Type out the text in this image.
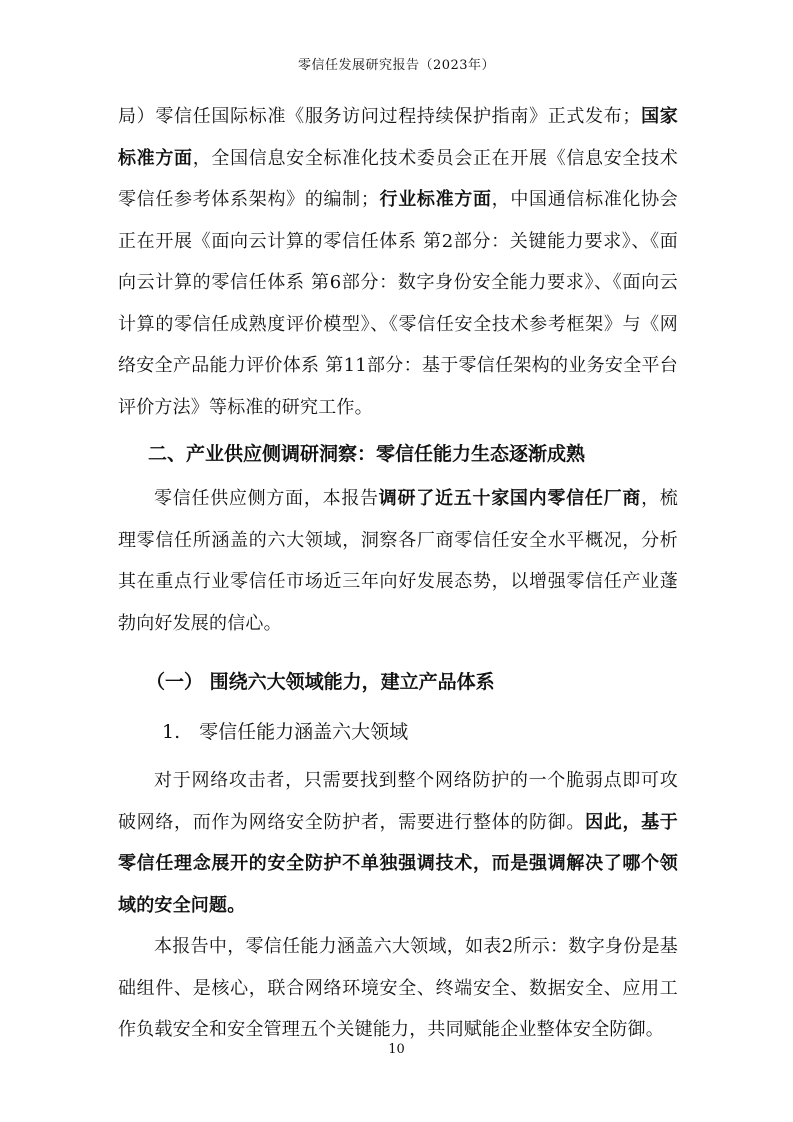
零信任发展研究报告（2023年）

局）零信任国际标准《服务访问过程持续保护指南》正式发布；国家标准方面，全国信息安全标准化技术委员会正在开展《信息安全技术零信任参考体系架构》的编制；行业标准方面，中国通信标准化协会正在开展《面向云计算的零信任体系 第2部分：关键能力要求》、《面向云计算的零信任体系 第6部分：数字身份安全能力要求》、《面向云计算的零信任成熟度评价模型》、《零信任安全技术参考框架》与《网络安全产品能力评价体系 第11部分：基于零信任架构的业务安全平台评价方法》等标准的研究工作。

二、产业供应侧调研洞察：零信任能力生态逐渐成熟

零信任供应侧方面，本报告调研了近五十家国内零信任厂商，梳理零信任所涵盖的六大领域，洞察各厂商零信任安全水平概况，分析其在重点行业零信任市场近三年向好发展态势，以增强零信任产业蓬勃向好发展的信心。

（一） 围绕六大领域能力，建立产品体系
1.　零信任能力涵盖六大领域

对于网络攻击者，只需要找到整个网络防护的一个脆弱点即可攻破网络，而作为网络安全防护者，需要进行整体的防御。因此，基于零信任理念展开的安全防护不单独强调技术，而是强调解决了哪个领域的安全问题。

本报告中，零信任能力涵盖六大领域，如表2所示：数字身份是基础组件、是核心，联合网络环境安全、终端安全、数据安全、应用工作负载安全和安全管理五个关键能力，共同赋能企业整体安全防御。

10
